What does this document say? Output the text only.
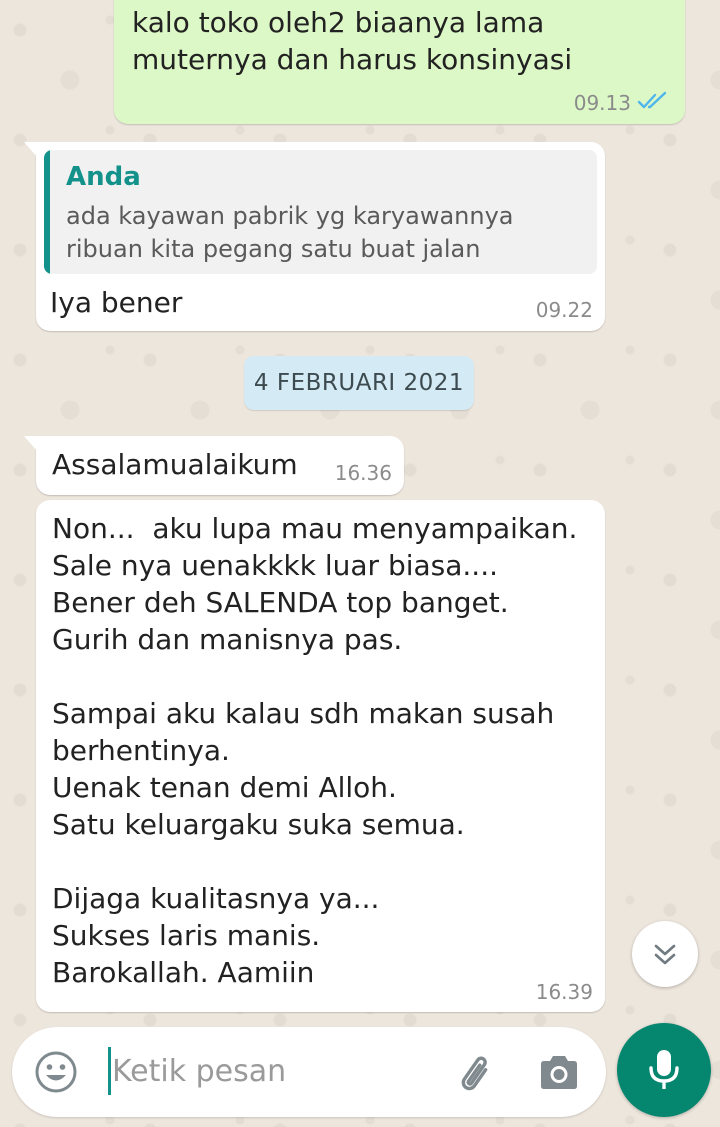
kalo toko oleh2 biaanya lama
muternya dan harus konsinyasi

09.13
Anda
ada kayawan pabrik yg karyawannya
ribuan kita pegang satu buat jalan

Iya bener	09.22
4 FEBRUARI 2021

Assalamualaikum 16.36

Non...  aku lupa mau menyampaikan.
Sale nya uenakkkk luar biasa....
Bener deh SALENDA top banget.
Gurih dan manisnya pas.

Sampai aku kalau sdh makan susah
berhentinya.
Uenak tenan demi Alloh.
Satu keluargaku suka semua.

Dijaga kualitasnya ya...
Sukses laris manis.
Barokallah. Aamiin

16.39
Ketik pesan
